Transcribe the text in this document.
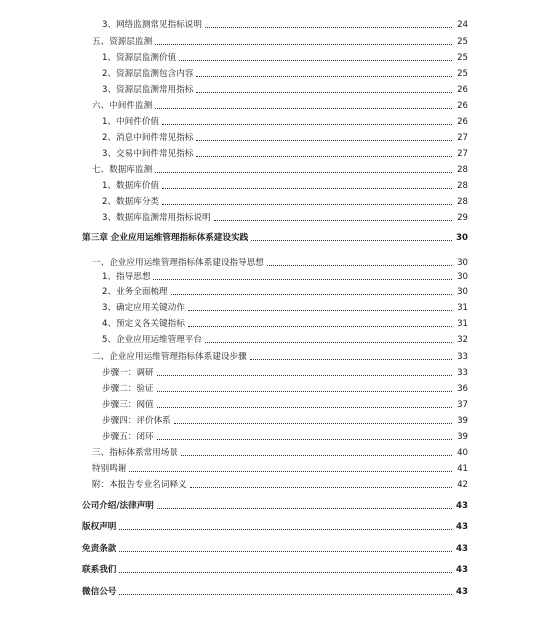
3、网络监测常见指标说明	24
五、资源层监测	25
1、资源层监测价值	25
2、资源层监测包含内容	25
3、资源层监测常用指标	26
六、中间件监测	26
1、中间件价值	26
2、消息中间件常见指标	27
3、交易中间件常见指标	27
七、数据库监测	28
1、数据库价值	28
2、数据库分类	28
3、数据库监测常用指标说明	29
第三章 企业应用运维管理指标体系建设实践	30
一、企业应用运维管理指标体系建设指导思想	30
1、指导思想	30
2、业务全面梳理	30
3、确定应用关键动作	31
4、预定义各关键指标	31
5、企业应用运维管理平台	32
二、企业应用运维管理指标体系建设步骤	33
步骤一：调研	33
步骤二：验证	36
步骤三：阀值	37
步骤四：评价体系	39
步骤五：闭环	39
三、指标体系常用场景	40
特别鸣谢	41
附：本报告专业名词释义	42
公司介绍/法律声明	43
版权声明	43
免责条款	43
联系我们	43
微信公号	43
